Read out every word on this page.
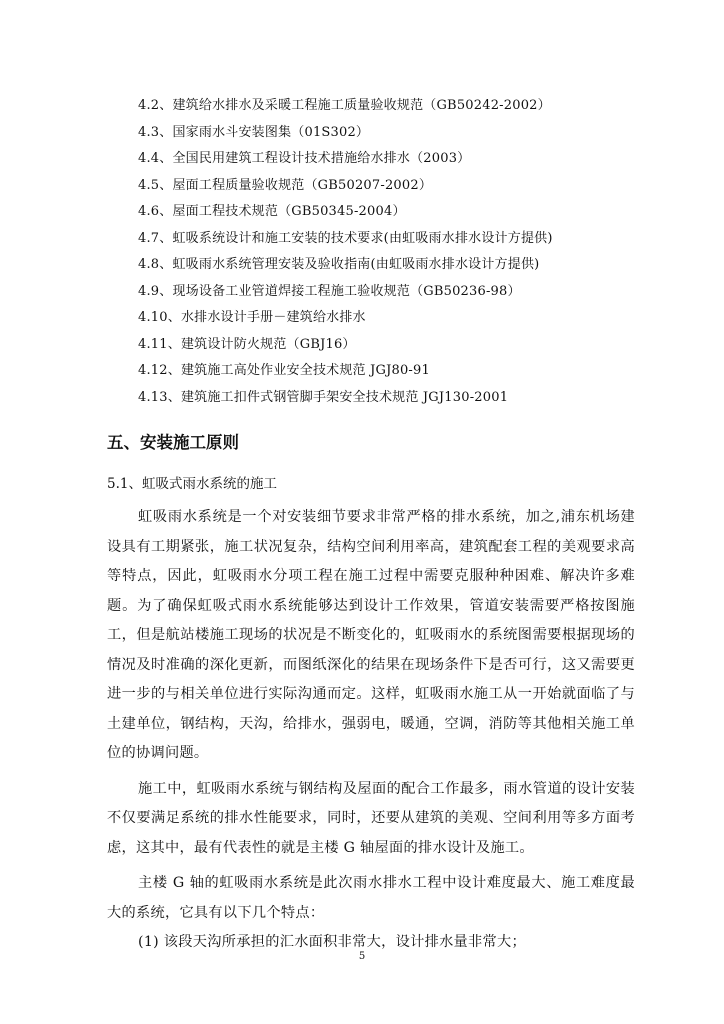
4.2、建筑给水排水及采暖工程施工质量验收规范（GB50242-2002）
4.3、国家雨水斗安装图集（01S302）
4.4、全国民用建筑工程设计技术措施给水排水（2003）
4.5、屋面工程质量验收规范（GB50207-2002）
4.6、屋面工程技术规范（GB50345-2004）
4.7、虹吸系统设计和施工安装的技术要求(由虹吸雨水排水设计方提供)
4.8、虹吸雨水系统管理安装及验收指南(由虹吸雨水排水设计方提供)
4.9、现场设备工业管道焊接工程施工验收规范（GB50236-98）
4.10、水排水设计手册－建筑给水排水
4.11、建筑设计防火规范（GBJ16）
4.12、建筑施工高处作业安全技术规范 JGJ80-91
4.13、建筑施工扣件式钢管脚手架安全技术规范 JGJ130-2001
五、安装施工原则

5.1、虹吸式雨水系统的施工

虹吸雨水系统是一个对安装细节要求非常严格的排水系统，加之,浦东机场建设具有工期紧张，施工状况复杂，结构空间利用率高，建筑配套工程的美观要求高等特点，因此，虹吸雨水分项工程在施工过程中需要克服种种困难、解决许多难题。为了确保虹吸式雨水系统能够达到设计工作效果，管道安装需要严格按图施工，但是航站楼施工现场的状况是不断变化的，虹吸雨水的系统图需要根据现场的情况及时准确的深化更新，而图纸深化的结果在现场条件下是否可行，这又需要更进一步的与相关单位进行实际沟通而定。这样，虹吸雨水施工从一开始就面临了与土建单位，钢结构，天沟，给排水，强弱电，暖通，空调，消防等其他相关施工单位的协调问题。

施工中，虹吸雨水系统与钢结构及屋面的配合工作最多，雨水管道的设计安装不仅要满足系统的排水性能要求，同时，还要从建筑的美观、空间利用等多方面考虑，这其中，最有代表性的就是主楼 G 轴屋面的排水设计及施工。

主楼 G 轴的虹吸雨水系统是此次雨水排水工程中设计难度最大、施工难度最大的系统，它具有以下几个特点：

(1) 该段天沟所承担的汇水面积非常大，设计排水量非常大；

5
